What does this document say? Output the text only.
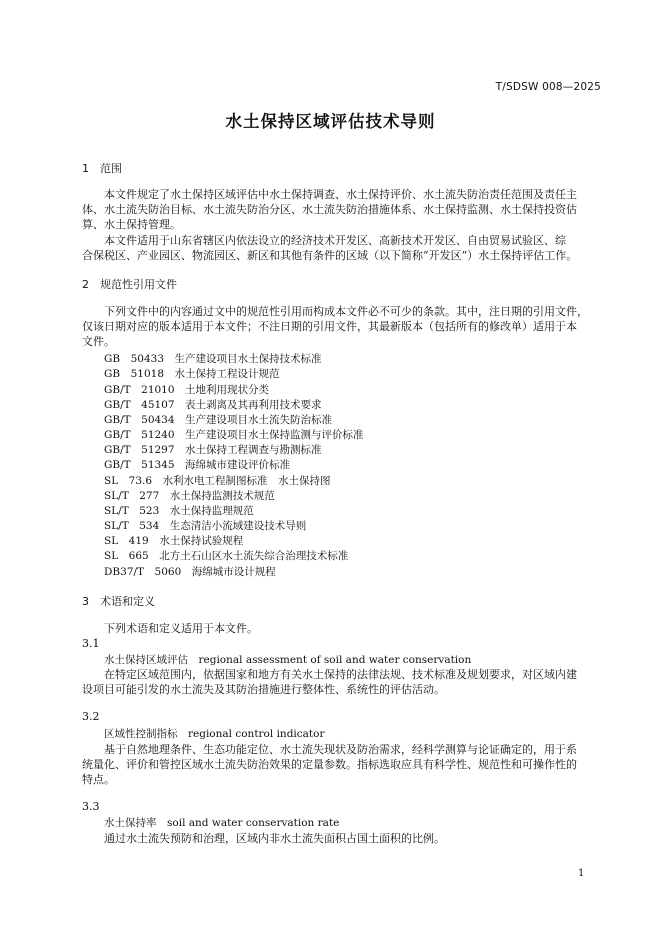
T/SDSW 008—2025
水土保持区域评估技术导则
1　范围
本文件规定了水土保持区域评估中水土保持调查、水土保持评价、水土流失防治责任范围及责任主
体、水土流失防治目标、水土流失防治分区、水土流失防治措施体系、水土保持监测、水土保持投资估
算、水土保持管理。
本文件适用于山东省辖区内依法设立的经济技术开发区、高新技术开发区、自由贸易试验区、综
合保税区、产业园区、物流园区、新区和其他有条件的区域（以下简称“开发区”）水土保持评估工作。
2　规范性引用文件
下列文件中的内容通过文中的规范性引用而构成本文件必不可少的条款。其中，注日期的引用文件，
仅该日期对应的版本适用于本文件；不注日期的引用文件，其最新版本（包括所有的修改单）适用于本
文件。
GB　50433　生产建设项目水土保持技术标准
GB　51018　水土保持工程设计规范
GB/T　21010　土地利用现状分类
GB/T　45107　表土剥离及其再利用技术要求
GB/T　50434　生产建设项目水土流失防治标准
GB/T　51240　生产建设项目水土保持监测与评价标准
GB/T　51297　水土保持工程调查与勘测标准
GB/T　51345　海绵城市建设评价标准
SL　73.6　水利水电工程制图标准　水土保持图
SL/T　277　水土保持监测技术规范
SL/T　523　水土保持监理规范
SL/T　534　生态清洁小流域建设技术导则
SL　419　水土保持试验规程
SL　665　北方土石山区水土流失综合治理技术标准
DB37/T　5060　海绵城市设计规程
3　术语和定义
下列术语和定义适用于本文件。
3.1
水土保持区域评估　regional assessment of soil and water conservation
在特定区域范围内，依据国家和地方有关水土保持的法律法规、技术标准及规划要求，对区域内建
设项目可能引发的水土流失及其防治措施进行整体性、系统性的评估活动。
3.2
区域性控制指标　regional control indicator
基于自然地理条件、生态功能定位、水土流失现状及防治需求，经科学测算与论证确定的，用于系
统量化、评价和管控区域水土流失防治效果的定量参数。指标选取应具有科学性、规范性和可操作性的
特点。
3.3
水土保持率　soil and water conservation rate
通过水土流失预防和治理，区域内非水土流失面积占国土面积的比例。
1
